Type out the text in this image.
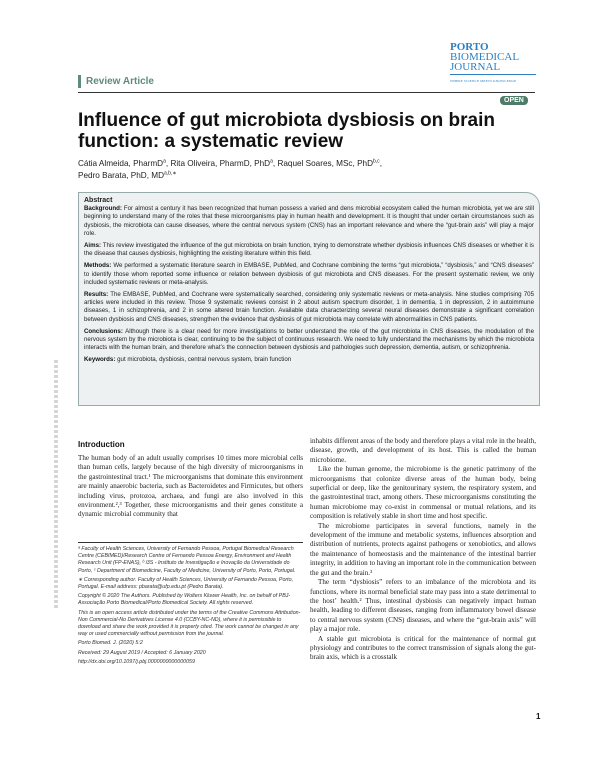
Review Article
PORTO
BIOMEDICAL
JOURNAL
WHERE SCIENCE MEETS KNOWLEDGE
OPEN
Influence of gut microbiota dysbiosis on brain function: a systematic review
Cátia Almeida, PharmD$^a$, Rita Oliveira, PharmD, PhD$^a$, Raquel Soares, MSc, PhD$^{b,c}$,
Pedro Barata, PhD, $MD^{a,b,∗}$
Abstract

Background: For almost a century it has been recognized that human possess a varied and dens microbial ecosystem called the human microbiota, yet we are still beginning to understand many of the roles that these microorganisms play in human health and development. It is thought that under certain circumstances such as dysbiosis, the microbiota can cause diseases, where the central nervous system (CNS) has an important relevance and where the “gut-brain axis” will play a major role.

Aims: This review investigated the influence of the gut microbiota on brain function, trying to demonstrate whether dysbiosis influences CNS diseases or whether it is the disease that causes dysbiosis, highlighting the existing literature within this field.

Methods: We performed a systematic literature search in EMBASE, PubMed, and Cochrane combining the terms “gut microbiota,” “dysbiosis,” and “CNS diseases” to identify those whom reported some influence or relation between dysbiosis of gut microbiota and CNS diseases. For the present systematic review, we only included systematic reviews or meta-analysis.

Results: The EMBASE, PubMed, and Cochrane were systematically searched, considering only systematic reviews or meta-analysis. Nine studies comprising 705 articles were included in this review. Those 9 systematic reviews consist in 2 about autism spectrum disorder, 1 in dementia, 1 in depression, 2 in autoimmune diseases, 1 in schizophrenia, and 2 in some altered brain function. Available data characterizing several neural diseases demonstrate a significant correlation between dysbiosis and CNS diseases, strengthen the evidence that dysbiosis of gut microbiota may correlate with abnormalities in CNS patients.

Conclusions: Although there is a clear need for more investigations to better understand the role of the gut microbiota in CNS diseases, the modulation of the nervous system by the microbiota is clear, continuing to be the subject of continuous research. We need to fully understand the mechanisms by which the microbiota interacts with the human brain, and therefore what’s the connection between dysbiosis and pathologies such depression, dementia, autism, or schizophrenia.

Keywords: gut microbiota, dysbiosis, central nervous system, brain function

Introduction
The human body of an adult usually comprises 10 times more microbial cells than human cells, largely because of the high diversity of microorganisms in the gastrointestinal tract.¹ The microorganisms that dominate this environment are mainly anaerobic bacteria, such as Bacteroidetes and Firmicutes, but others including virus, protozoa, archaea, and fungi are also involved in this environment.²,³ Together, these microorganisms and their genes constitute a dynamic microbial community that

inhabits different areas of the body and therefore plays a vital role in the health, disease, growth, and development of its host. This is called the human microbiome.

Like the human genome, the microbiome is the genetic patrimony of the microorganisms that colonize diverse areas of the human body, being superficial or deep, like the genitourinary system, the respiratory system, and the gastrointestinal tract, among others. These microorganisms constituting the human microbiome may co-exist in commensal or mutual relations, and its composition is relatively stable in short time and host specific.

The microbiome participates in several functions, namely in the development of the immune and metabolic systems, influences absorption and distribution of nutrients, protects against pathogens or xenobiotics, and allows the maintenance of homeostasis and the maintenance of the intestinal barrier integrity, in addition to having an important role in the communication between the gut and the brain.³

The term “dysbiosis” refers to an imbalance of the microbiota and its functions, where its normal beneficial state may pass into a state detrimental to the host’ health.² Thus, intestinal dysbiosis can negatively impact human health, leading to different diseases, ranging from inflammatory bowel disease to central nervous system (CNS) diseases, and where the “gut-brain axis” will play a major role.

A stable gut microbiota is critical for the maintenance of normal gut physiology and contributes to the correct transmission of signals along the gut-brain axis, which is a crosstalk

ᵃ Faculty of Health Sciences, University of Fernando Pessoa, Portugal Biomedical Research Centre (CEBIMED)/Research Centre of Fernando Pessoa Energy, Environment and Health Research Unit (FP-ENAS), ᵇ i3S - Instituto de Investigação e Inovação da Universidade do Porto, ᶜ Department of Biomedicine, Faculty of Medicine, University of Porto, Porto, Portugal.

∗ Corresponding author. Faculty of Health Sciences, University of Fernando Pessoa, Porto, Portugal. E-mail address: pbarata@ufp.edu.pt (Pedro Barata).

Copyright © 2020 The Authors. Published by Wolters Kluwer Health, Inc. on behalf of PBJ-Associação Porto Biomedical/Porto Biomedical Society. All rights reserved.

This is an open access article distributed under the terms of the Creative Commons Attribution-Non Commercial-No Derivatives License 4.0 (CCBY-NC-ND), where it is permissible to download and share the work provided it is properly cited. The work cannot be changed in any way or used commercially without permission from the journal.

Porto Biomed. J. (2020) 5:2

Received: 29 August 2019 / Accepted: 6 January 2020

http://dx.doi.org/10.1097/j.pbj.0000000000000059

1
